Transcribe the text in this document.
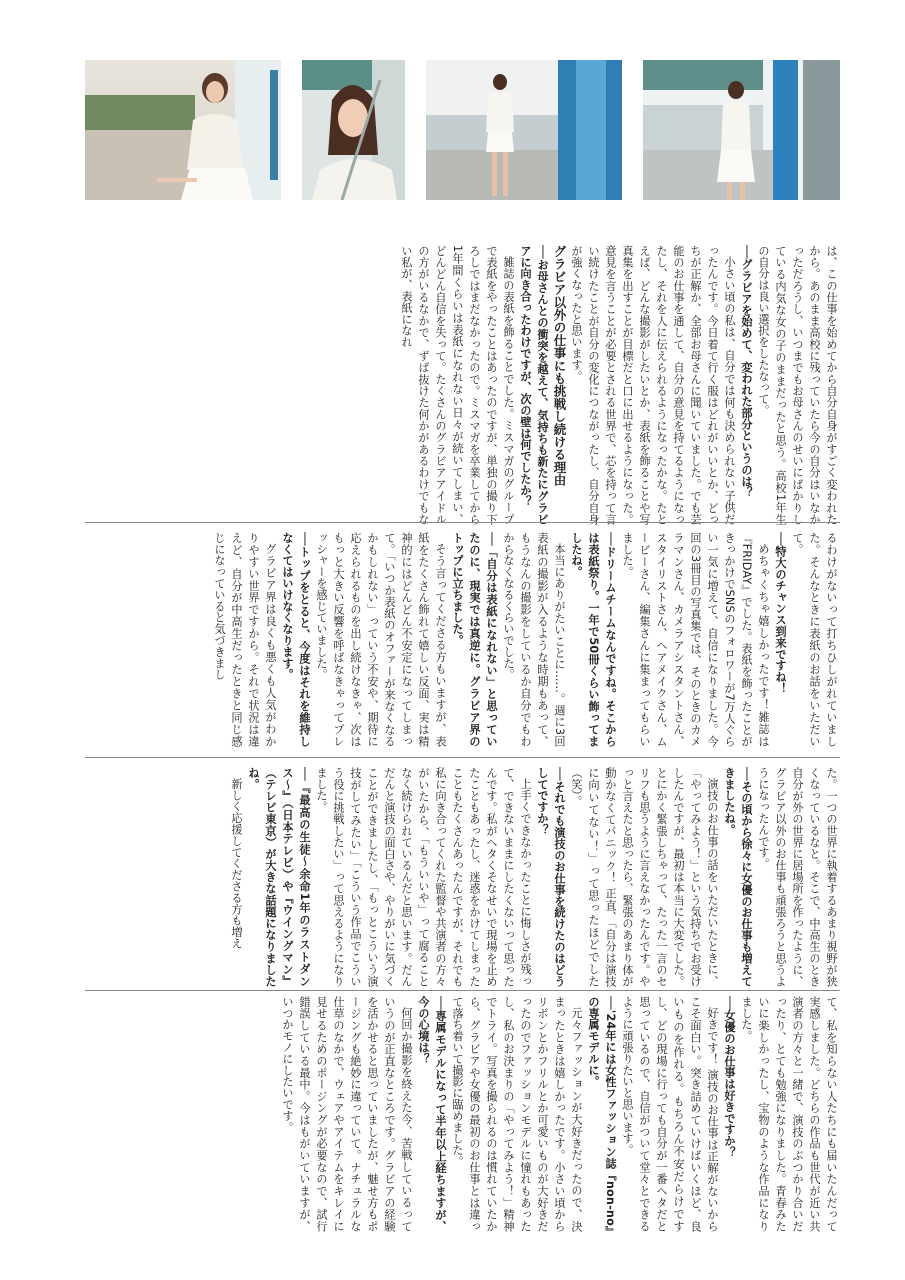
は、この仕事を始めてから自分自身がすごく変われたから。あのまま高校に残っていたら今の自分はいなかっただろうし、いつまでもお母さんのせいにばかりしている内気な女の子のままだったと思う。高校1年生の自分は良い選択をしたなって。

──グラビアを始めて、変われた部分というのは？

小さい頃の私は、自分では何も決められない子供だったんです。今日着て行く服はどれがいいとか、どっちが正解か、全部お母さんに聞いていました。でも芸能のお仕事を通して、自分の意見を持てるようになったし、それを人に伝えられるようになったかな。たとえば、どんな撮影がしたいとか、表紙を飾ることや写真集を出すことが目標だと口に出せるようになった。意見を言うことが必要とされる世界で、芯を持って言い続けたことが自分の変化につながったし、自分自身が強くなったと思います。

グラビア以外の仕事にも挑戦し続ける理由

──お母さんとの衝突を越えて、気持ちも新たにグラビアに向き合ったわけですが、次の壁は何でしたか？

雑誌の表紙を飾ることでした。ミスマガのグループで表紙をやったことはあったのですが、単独の撮り下ろしではまだなかったので。ミスマガを卒業してから1年間くらいは表紙になれない日々が続いてしまい、どんどん自信を失って。たくさんのグラビアアイドルの方がいるなかで、ずば抜けた何かがあるわけでもない私が、表紙になれ

るわけがないって打ちひしがれていました。そんなときに表紙のお話をいただいて。

──特大のチャンス到来ですね！

めちゃくちゃ嬉しかったです！雑誌は『FRIDAY』でした。表紙を飾ったことがきっかけでSNSのフォロワーが7万人ぐらい一気に増えて、自信になりました。今回の3冊目の写真集では、そのときのカメラマンさん、カメラアシスタントさん、スタイリストさん、ヘアメイクさん、ムービーさん、編集さんに集まってもらいました。

──ドリームチームなんですね。そこからは表紙祭り。一年で50冊くらい飾ってましたね。

本当にありがたいことに……。週に3回表紙の撮影が入るような時期もあって、もうなんの撮影をしているか自分でもわからなくなるくらいでした。

──「自分は表紙になれない」と思っていたのに、現実では真逆に。グラビア界のトップに立ちました。

そう言ってくださる方もいますが、表紙をたくさん飾れて嬉しい反面、実は精神的にはどんどん不安定になってしまって。「いつか表紙のオファーが来なくなるかもしれない」っていう不安や、期待に応えられるものを出し続けなきゃ、次はもっと大きい反響を呼ばなきゃってプレッシャーを感じていました。

──トップをとると、今度はそれを維持しなくてはいけなくなります。

グラビア界は良くも悪くも人気がわかりやすい世界ですから。それで状況は違えど、自分が中高生だったときと同じ感じになっていると気づきまし

た。一つの世界に執着するあまり視野が狭くなっているなと。そこで、中高生のとき自分が外の世界に居場所を作ったように、グラビア以外のお仕事も頑張ろうと思うようになったんです。

──その頃から徐々に女優のお仕事も増えてきましたね。

演技のお仕事の話をいただいたときに、「やってみよう！」という気持ちでお受けしたんですが、最初は本当に大変でした。とにかく緊張しちゃって、たった一言のセリフも思うように言えなかったんです。やっと言えたと思ったら、緊張のあまり体が動かなくてパニック！ 正直、「自分は演技に向いてない！」って思ったほどでした（笑）。

──それでも演技のお仕事を続けたのはどうしてですか？

上手くできなかったことに悔しさが残って、できないままにしたくないって思ったんです。私がへタくそなせいで現場を止めたこともあったし、迷惑をかけてしまったこともたくさんあったんですが、それでも私に向き合ってくれた監督や共演者の方々がいたから、「もういいや」って腐ることなく続けられているんだと思います。だんだんと演技の面白さや、やりがいに気づくことができましたし、「もっとこういう演技がしてみたい」「こういう作品でこういう役に挑戦したい」って思えるようになりました。

──『最高の生徒〜余命1年のラストダンス〜』（日本テレビ）や『ウイングマン』（テレビ東京）が大きな話題になりましたね。

新しく応援してくださる方も増え

て、私を知らない人たちにも届いたんだって実感しました。どちらの作品も世代が近い共演者の方々と一緒で、演技のぶつかり合いだったり、とても勉強になりました。青春みたいに楽しかったし、宝物のような作品になりました。

──女優のお仕事は好きですか？

好きです！ 演技のお仕事は正解がないからこそ面白い。突き詰めていけばいくほど、良いものを作れる。もちろん不安だらけですし、どの現場に行っても自分が一番ヘタだと思っているので、自信がついて堂々とできるように頑張りたいと思います。

──'24年には女性ファッション誌『non-no』の専属モデルに。

元々ファッションが大好きだったので、決まったときは嬉しかったです。小さい頃からリボンとかフリルとか可愛いものが大好きだったのでファッションモデルに憧れもあったし、私のお決まりの「やってみよう！」精神でトライ。写真を撮られるのは慣れていたから、グラビアや女優の最初のお仕事とは違って落ち着いて撮影に臨めました。

──専属モデルになって半年以上経ちますが、今の心境は？

何回か撮影を終えた今、苦戦しているっていうのが正直なところです。グラビアの経験を活かせると思っていましたが、魅せ方もポージングも絶妙に違っていて。ナチュラルな仕草のなかで、ウェアやアイテムをキレイに見せるためのポージングが必要なので、試行錯誤している最中。今はもがいていますが、いつかモノにしたいです。
